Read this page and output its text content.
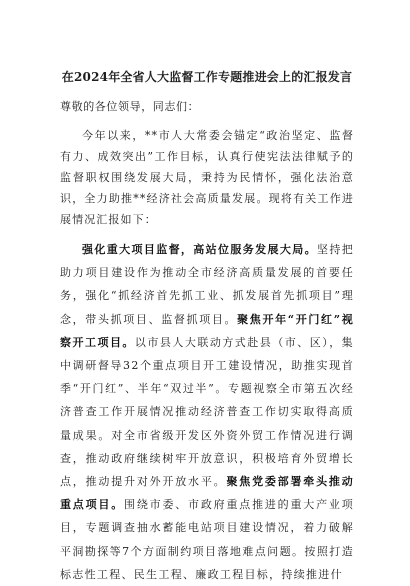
在2024年全省人大监督工作专题推进会上的汇报发言
尊敬的各位领导，同志们：

今年以来，**市人大常委会锚定“政治坚定、监督有力、成效突出”工作目标，认真行使宪法法律赋予的监督职权围绕发展大局，秉持为民情怀，强化法治意识，全力助推**经济社会高质量发展。现将有关工作进展情况汇报如下：

强化重大项目监督，高站位服务发展大局。坚持把助力项目建设作为推动全市经济高质量发展的首要任务，强化“抓经济首先抓工业、抓发展首先抓项目”理念，带头抓项目、监督抓项目。聚焦开年“开门红”视察开工项目。以市县人大联动方式赴县（市、区），集中调研督导32个重点项目开工建设情况，助推实现首季“开门红”、半年“双过半”。专题视察全市第五次经济普查工作开展情况推动经济普查工作切实取得高质量成果。对全市省级开发区外资外贸工作情况进行调查，推动政府继续树牢开放意识，积极培育外贸增长点，推动提升对外开放水平。聚焦党委部署牵头推动重点项目。围绕市委、市政府重点推进的重大产业项目，专题调查抽水蓄能电站项目建设情况，着力破解平洞勘探等7个方面制约项目落地难点问题。按照打造标志性工程、民生工程、廉政工程目标，持续推进什
